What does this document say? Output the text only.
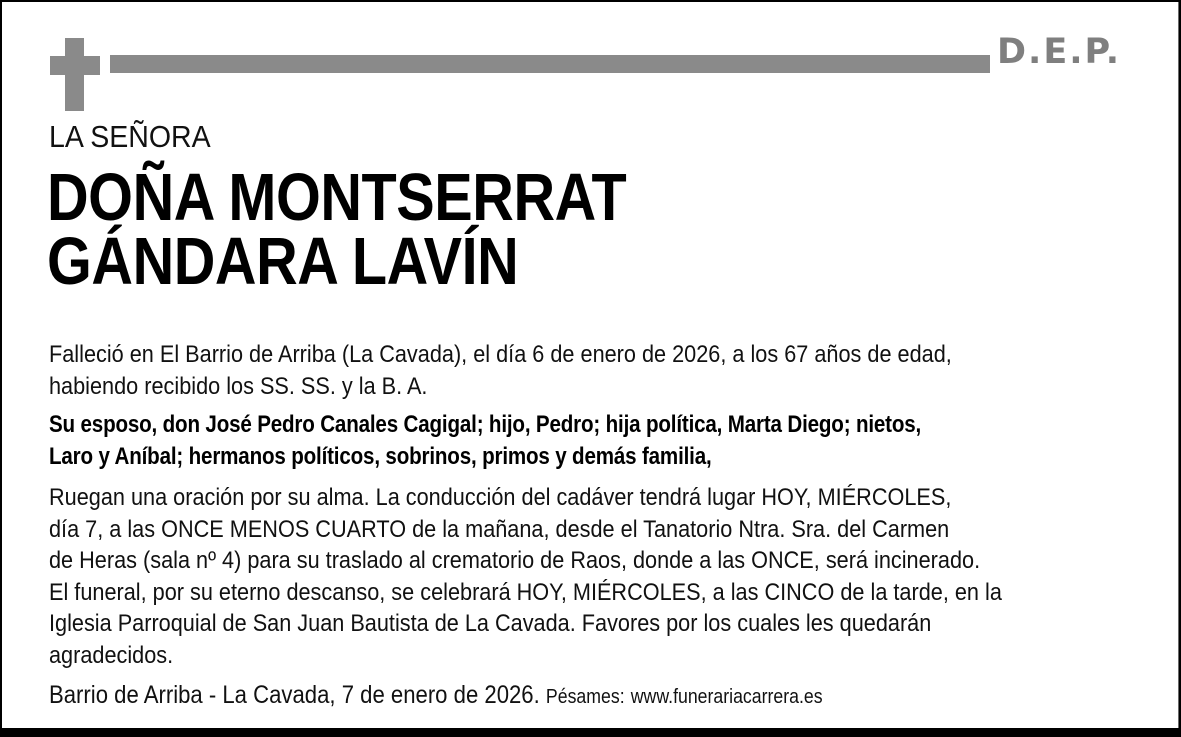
D.E.P.
LA SEÑORA
DOÑA MONTSERRAT
GÁNDARA LAVÍN
Falleció en El Barrio de Arriba (La Cavada), el día 6 de enero de 2026, a los 67 años de edad,
habiendo recibido los SS. SS. y la B. A.
Su esposo, don José Pedro Canales Cagigal; hijo, Pedro; hija política, Marta Diego; nietos,
Laro y Aníbal; hermanos políticos, sobrinos, primos y demás familia,
Ruegan una oración por su alma. La conducción del cadáver tendrá lugar HOY, MIÉRCOLES,
día 7, a las ONCE MENOS CUARTO de la mañana, desde el Tanatorio Ntra. Sra. del Carmen
de Heras (sala nº 4) para su traslado al crematorio de Raos, donde a las ONCE, será incinerado.
El funeral, por su eterno descanso, se celebrará HOY, MIÉRCOLES, a las CINCO de la tarde, en la
Iglesia Parroquial de San Juan Bautista de La Cavada. Favores por los cuales les quedarán
agradecidos.
Barrio de Arriba - La Cavada, 7 de enero de 2026. Pésames: www.funerariacarrera.es
